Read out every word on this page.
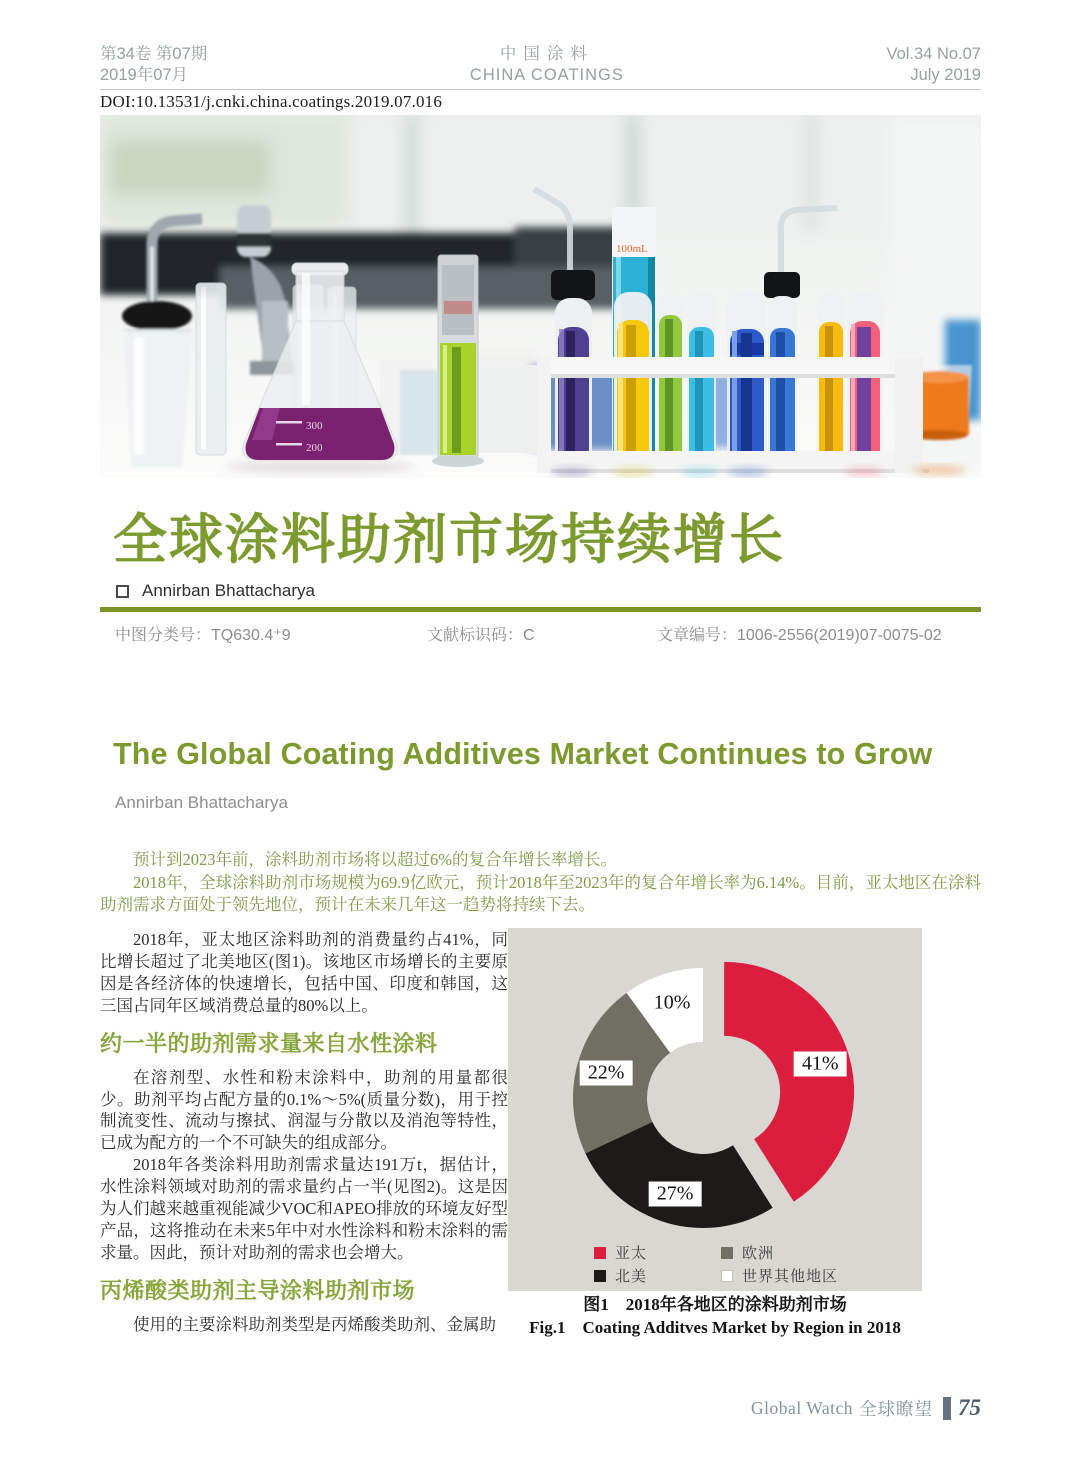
第34卷 第07期
2019年07月
中国涂料
CHINA COATINGS
Vol.34 No.07
July 2019
DOI:10.13531/j.cnki.china.coatings.2019.07.016
300
200
100mL
全球涂料助剂市场持续增长
Annirban Bhattacharya
中图分类号：TQ630.4⁺9	文献标识码：C	文章编号：1006-2556(2019)07-0075-02
The Global Coating Additives Market Continues to Grow
Annirban Bhattacharya

预计到2023年前，涂料助剂市场将以超过6%的复合年增长率增长。

2018年，全球涂料助剂市场规模为69.9亿欧元，预计2018年至2023年的复合年增长率为6.14%。目前，亚太地区在涂料助剂需求方面处于领先地位，预计在未来几年这一趋势将持续下去。

2018年，亚太地区涂料助剂的消费量约占41%，同比增长超过了北美地区(图1)。该地区市场增长的主要原因是各经济体的快速增长，包括中国、印度和韩国，这三国占同年区域消费总量的80%以上。

约一半的助剂需求量来自水性涂料

在溶剂型、水性和粉末涂料中，助剂的用量都很少。助剂平均占配方量的0.1%～5%(质量分数)，用于控制流变性、流动与擦拭、润湿与分散以及消泡等特性，已成为配方的一个不可缺失的组成部分。

2018年各类涂料用助剂需求量达191万t，据估计，水性涂料领域对助剂的需求量约占一半(见图2)。这是因为人们越来越重视能减少VOC和APEO排放的环境友好型产品，这将推动在未来5年中对水性涂料和粉末涂料的需求量。因此，预计对助剂的需求也会增大。

丙烯酸类助剂主导涂料助剂市场

使用的主要涂料助剂类型是丙烯酸类助剂、金属助

41%
27%
22%
10%
亚太
北美
欧洲
世界其他地区
图1　2018年各地区的涂料助剂市场
Fig.1　Coating Additves Market by Region in 2018
Global Watch 全球瞭望 75
